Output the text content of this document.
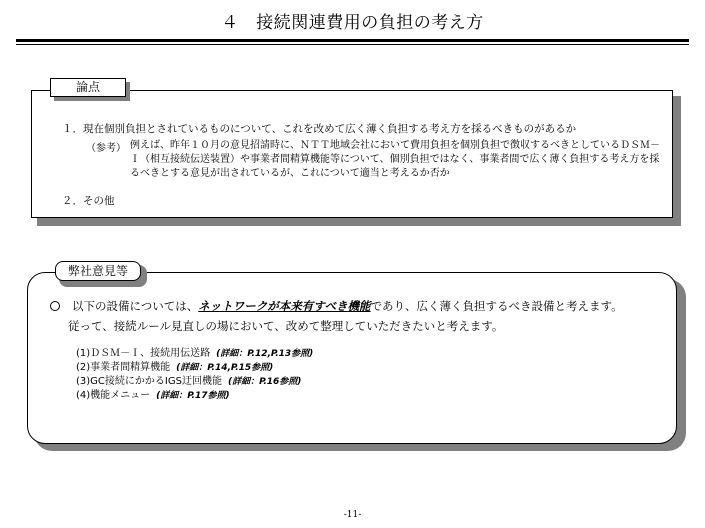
４　接続関連費用の負担の考え方
論点
１．現在個別負担とされているものについて、これを改めて広く薄く負担する考え方を採るべきものがあるか
（参考） 例えば、昨年１０月の意見招請時に、ＮＴＴ地域会社において費用負担を個別負担で徴収するべきとしているＤＳＭ－Ｉ（相互接続伝送装置）や事業者間精算機能等について、個別負担ではなく、事業者間で広く薄く負担する考え方を採るべきとする意見が出されているが、これについて適当と考えるか否か
２．その他
弊社意見等
以下の設備については、ネットワークが本来有すべき機能であり、広く薄く負担するべき設備と考えます。
従って、接続ルール見直しの場において、改めて整理していただきたいと考えます。
(1)ＤＳＭ－Ｉ、接続用伝送路 (詳細：P.12,P.13参照)
(2)事業者間精算機能 (詳細：P.14,P.15参照)
(3)GC接続にかかるIGS迂回機能 (詳細：P.16参照)
(4)機能メニュー (詳細：P.17参照)
-11-
